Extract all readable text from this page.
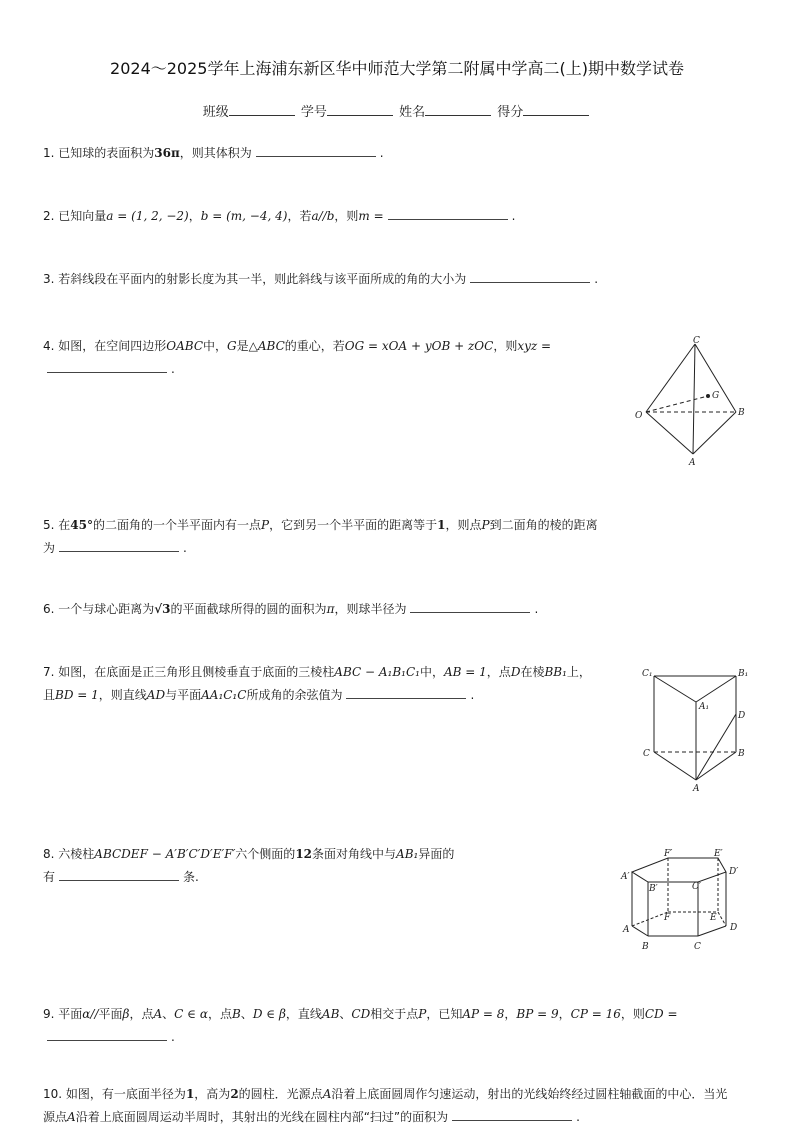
2024～2025学年上海浦东新区华中师范大学第二附属中学高二(上)期中数学试卷
班级	学号	姓名	得分
1. 已知球的表面积为36π，则其体积为	.
2. 已知向量a = (1, 2, −2)，b = (m, −4, 4)，若a//b，则m =	.
3. 若斜线段在平面内的射影长度为其一半，则此斜线与该平面所成的角的大小为	.
4. 如图，在空间四边形OABC中，G是△ABC的重心，若OG = xOA + yOB + zOC，则xyz =
.
C
G
O	B
A
5. 在45°的二面角的一个半平面内有一点P，它到另一个半平面的距离等于1，则点P到二面角的棱的距离
为	.
6. 一个与球心距离为√3的平面截球所得的圆的面积为π，则球半径为	.
7. 如图，在底面是正三角形且侧棱垂直于底面的三棱柱ABC − A₁B₁C₁中，AB = 1，点D在棱BB₁上，
且BD = 1，则直线AD与平面AA₁C₁C所成角的余弦值为	.
C₁	B₁
A₁
D
C	B
A
8. 六棱柱ABCDEF − A′B′C′D′E′F′六个侧面的12条面对角线中与AB₁异面的
有	条.
F′	E′
A′	D′
B′	C′
F	E
A	D
B	C
9. 平面α//平面β，点A、C ∈ α，点B、D ∈ β，直线AB、CD相交于点P，已知AP = 8，BP = 9，CP = 16，则CD =
.
10. 如图，有一底面半径为1，高为2的圆柱．光源点A沿着上底面圆周作匀速运动，射出的光线始终经过圆柱轴截面的中心．当光
源点A沿着上底面圆周运动半周时，其射出的光线在圆柱内部“扫过”的面积为	.
